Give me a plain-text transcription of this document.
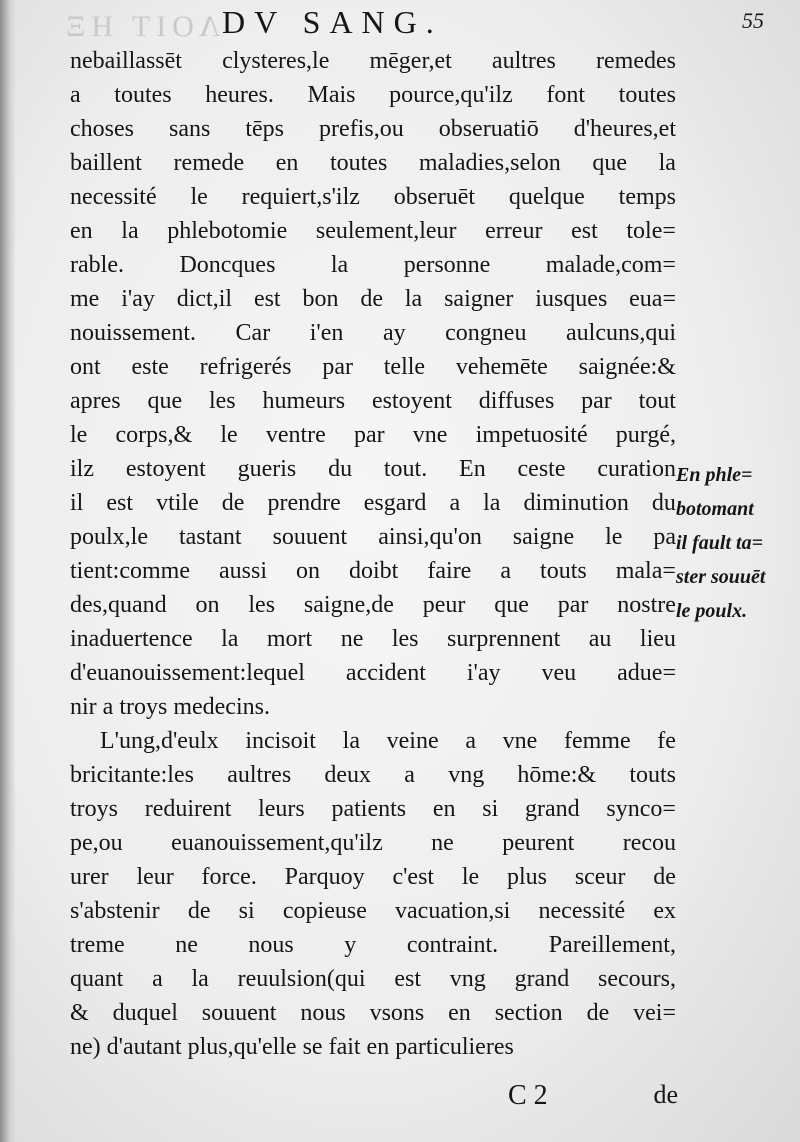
ΛΟΙΤ ΗΞ DV SANG.	55
nebaillassēt clysteres,le mēger,et aultres remedes
a toutes heures. Mais pource,qu'ilz font toutes
choses sans tēps prefis,ou obseruatiō d'heures,et
baillent remede en toutes maladies,selon que la
necessité le requiert,s'ilz obseruēt quelque temps
en la phlebotomie seulement,leur erreur est tole=
rable. Doncques la personne malade,com=
me i'ay dict,il est bon de la saigner iusques eua=
nouissement. Car i'en ay congneu aulcuns,qui
ont este refrigerés par telle vehemēte saignée:&
apres que les humeurs estoyent diffuses par tout
le corps,& le ventre par vne impetuosité purgé,
ilz estoyent gueris du tout. En ceste curation
il est vtile de prendre esgard a la diminution du
poulx,le tastant souuent ainsi,qu'on saigne le pa
tient:comme aussi on doibt faire a touts mala=
des,quand on les saigne,de peur que par nostre
inaduertence la mort ne les surprennent au lieu
d'euanouissement:lequel accident i'ay veu adue=
nir a troys medecins.
L'ung,d'eulx incisoit la veine a vne femme fe
bricitante:les aultres deux a vng hōme:& touts
troys reduirent leurs patients en si grand synco=
pe,ou euanouissement,qu'ilz ne peurent recou
urer leur force. Parquoy c'est le plus sceur de
s'abstenir de si copieuse vacuation,si necessité ex
treme ne nous y contraint. Pareillement,
quant a la reuulsion(qui est vng grand secours,
& duquel souuent nous vsons en section de vei=
ne) d'autant plus,qu'elle se fait en particulieres
En phle=
botomant
il fault ta=
ster souuēt
le poulx.
C 2	de
